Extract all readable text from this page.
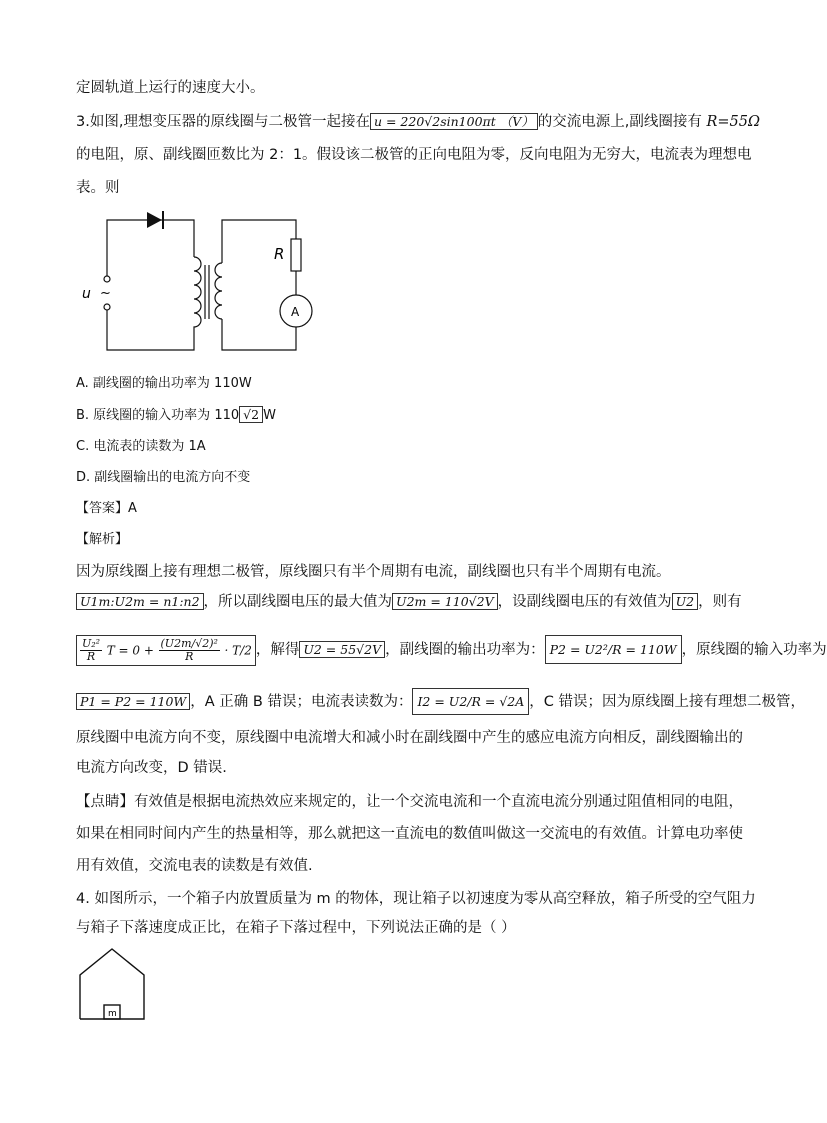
定圆轨道上运行的速度大小。
3.如图,理想变压器的原线圈与二极管一起接在 u = 220√2sin100πt （V） 的交流电源上,副线圈接有 R=55Ω
的电阻，原、副线圈匝数比为 2：1。假设该二极管的正向电阻为零，反向电阻为无穷大，电流表为理想电
表。则
u ~
R
A
A. 副线圈的输出功率为 110W
B. 原线圈的输入功率为 110 √2 W
C. 电流表的读数为 1A
D. 副线圈输出的电流方向不变
【答案】A
【解析】
因为原线圈上接有理想二极管，原线圈只有半个周期有电流，副线圈也只有半个周期有电流。
U1m:U2m = n1:n2 ，所以副线圈电压的最大值为 U2m = 110√2V ，设副线圈电压的有效值为 U2 ，则有
$\frac{\text{U₂²}}{R}$ $T = 0 + \frac{\text{(U2m/√2)²}}{R} \cdot T/2$ ，解得 U2 = 55√2V ，副线圈的输出功率为： P2 = U2²/R = 110W ，原线圈的输入功率为
P1 = P2 = 110W ，A 正确 B 错误；电流表读数为： I2 = U2/R = √2A ，C 错误；因为原线圈上接有理想二极管，
原线圈中电流方向不变，原线圈中电流增大和减小时在副线圈中产生的感应电流方向相反，副线圈输出的
电流方向改变，D 错误.
【点睛】有效值是根据电流热效应来规定的，让一个交流电流和一个直流电流分别通过阻值相同的电阻，
如果在相同时间内产生的热量相等，那么就把这一直流电的数值叫做这一交流电的有效值。计算电功率使
用有效值，交流电表的读数是有效值.
4. 如图所示，一个箱子内放置质量为 m 的物体，现让箱子以初速度为零从高空释放，箱子所受的空气阻力
与箱子下落速度成正比，在箱子下落过程中，下列说法正确的是（ ）
m
